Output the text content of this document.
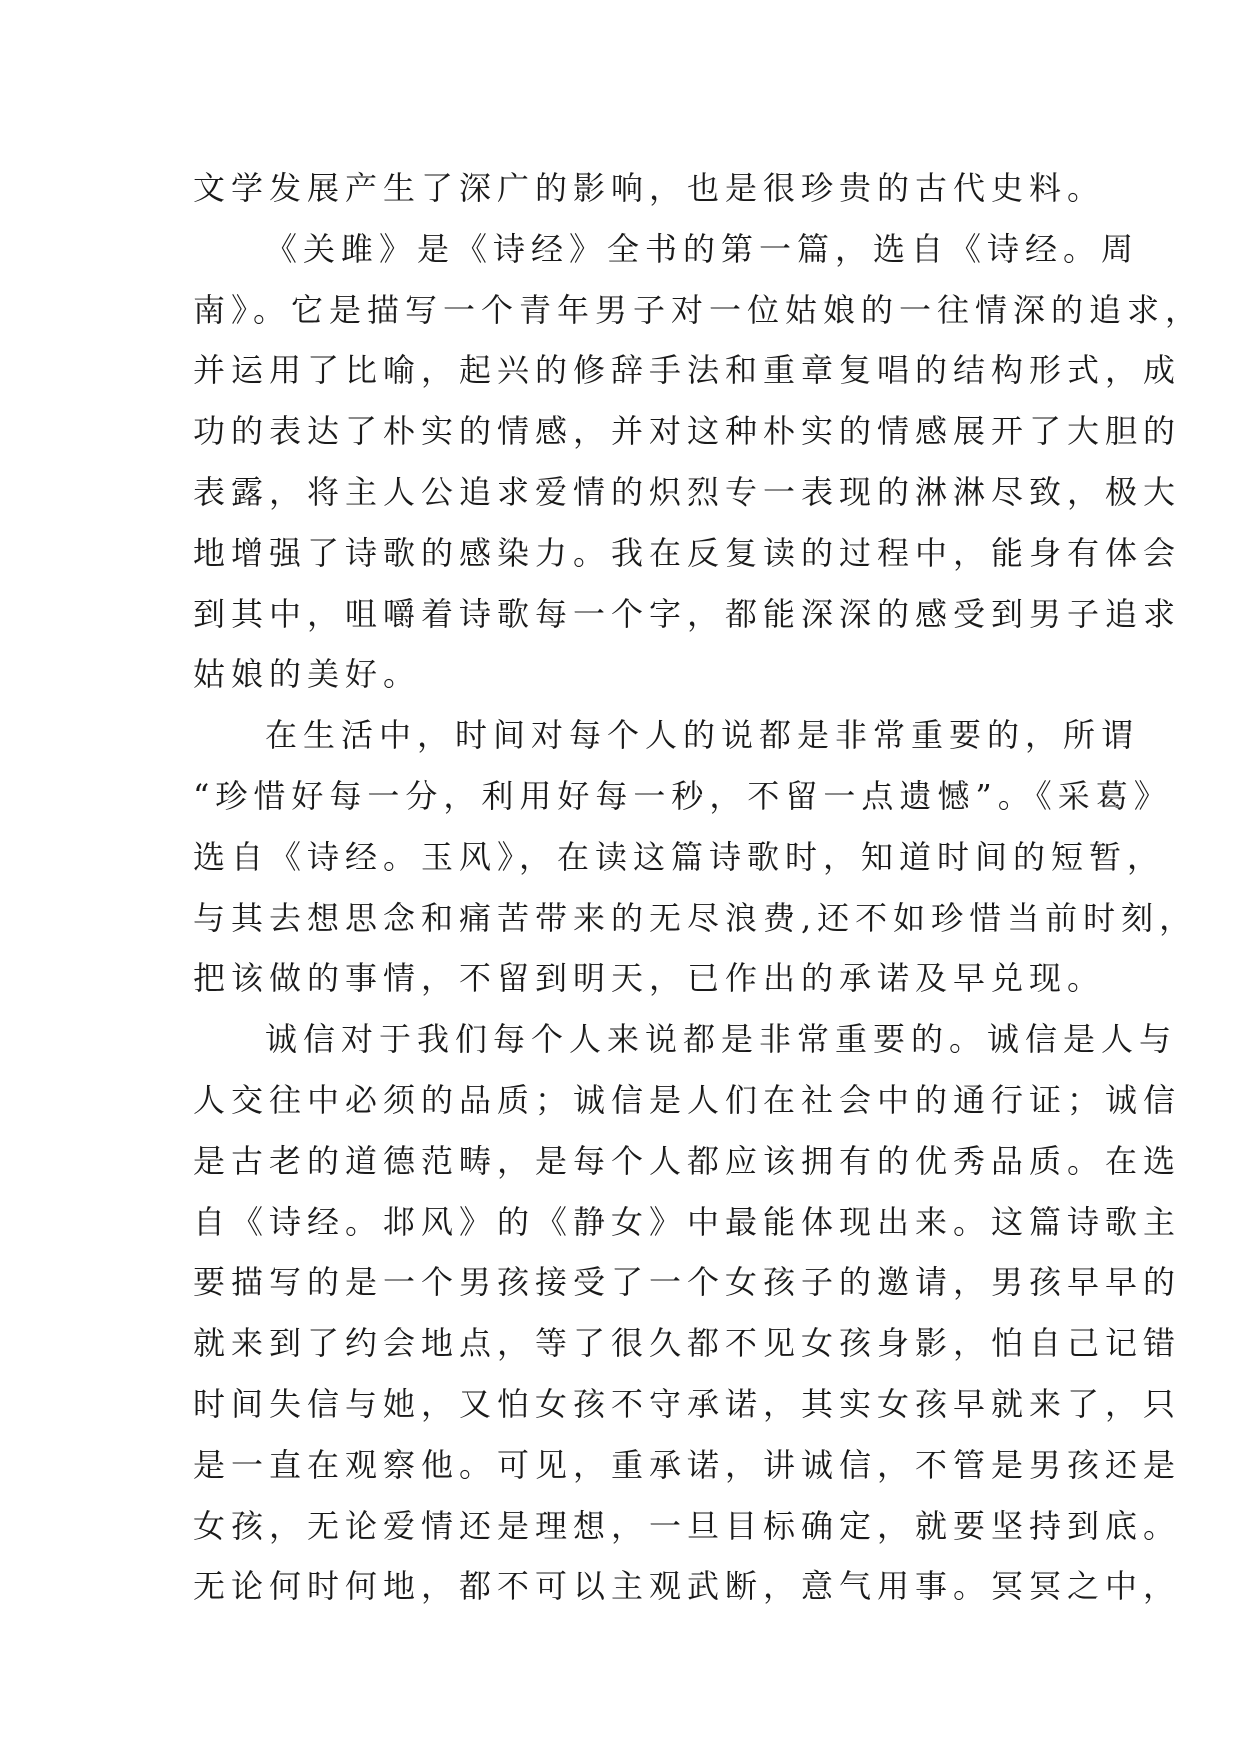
文学发展产生了深广的影响，也是很珍贵的古代史料。
《关雎》是《诗经》全书的第一篇，选自《诗经。周
南》。它是描写一个青年男子对一位姑娘的一往情深的追求，
并运用了比喻，起兴的修辞手法和重章复唱的结构形式，成
功的表达了朴实的情感，并对这种朴实的情感展开了大胆的
表露，将主人公追求爱情的炽烈专一表现的淋淋尽致，极大
地增强了诗歌的感染力。我在反复读的过程中，能身有体会
到其中，咀嚼着诗歌每一个字，都能深深的感受到男子追求
姑娘的美好。
在生活中，时间对每个人的说都是非常重要的，所谓
“珍惜好每一分，利用好每一秒，不留一点遗憾”。《采葛》
选自《诗经。玉风》，在读这篇诗歌时，知道时间的短暂，
与其去想思念和痛苦带来的无尽浪费,还不如珍惜当前时刻，
把该做的事情，不留到明天，已作出的承诺及早兑现。
诚信对于我们每个人来说都是非常重要的。诚信是人与
人交往中必须的品质；诚信是人们在社会中的通行证；诚信
是古老的道德范畴，是每个人都应该拥有的优秀品质。在选
自《诗经。邶风》的《静女》中最能体现出来。这篇诗歌主
要描写的是一个男孩接受了一个女孩子的邀请，男孩早早的
就来到了约会地点，等了很久都不见女孩身影，怕自己记错
时间失信与她，又怕女孩不守承诺，其实女孩早就来了，只
是一直在观察他。可见，重承诺，讲诚信，不管是男孩还是
女孩，无论爱情还是理想，一旦目标确定，就要坚持到底。
无论何时何地，都不可以主观武断，意气用事。冥冥之中，
